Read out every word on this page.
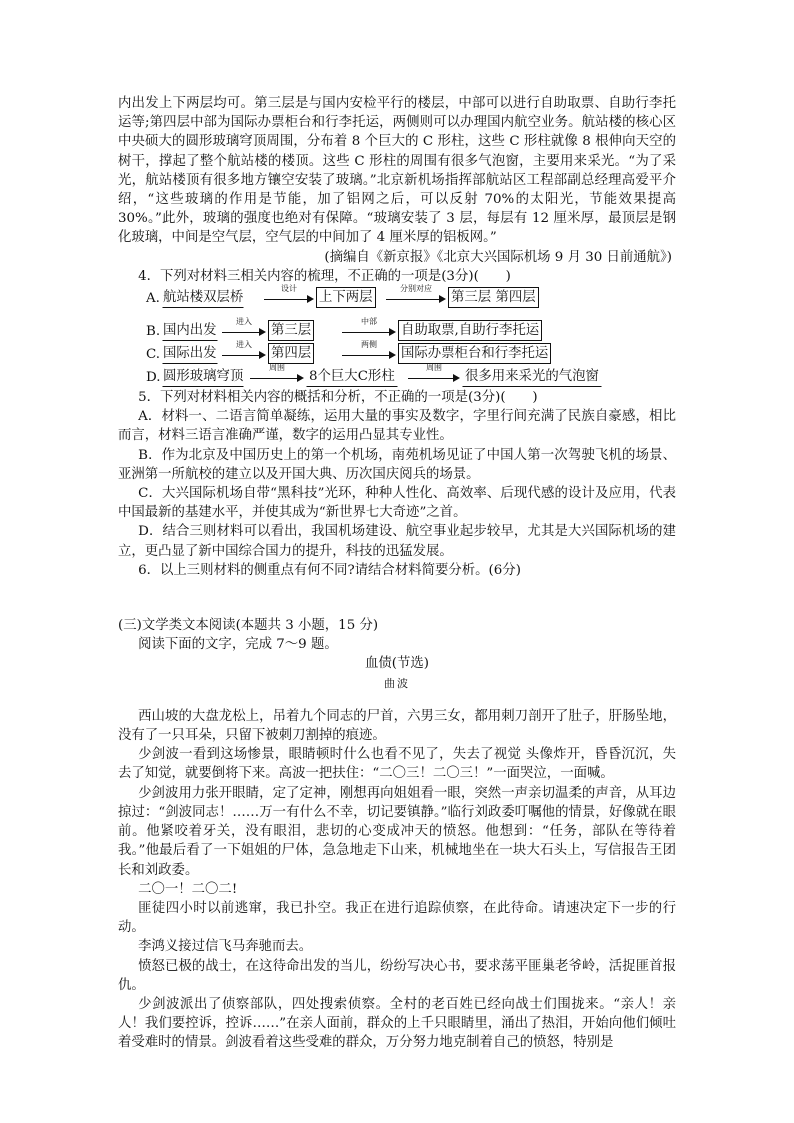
内出发上下两层均可。第三层是与国内安检平行的楼层，中部可以进行自助取票、自助行李托运等;第四层中部为国际办票柜台和行李托运，两侧则可以办理国内航空业务。航站楼的核心区中央硕大的圆形玻璃穹顶周围，分布着 8 个巨大的 C 形柱，这些 C 形柱就像 8 根伸向天空的树干，撑起了整个航站楼的楼顶。这些 C 形柱的周围有很多气泡窗，主要用来采光。“为了采光，航站楼顶有很多地方镶空安装了玻璃。”北京新机场指挥部航站区工程部副总经理高爱平介绍，“这些玻璃的作用是节能，加了铝网之后，可以反射 70%的太阳光，节能效果提高 30%。”此外，玻璃的强度也绝对有保障。“玻璃安装了 3 层，每层有 12 厘米厚，最顶层是钢化玻璃，中间是空气层，空气层的中间加了 4 厘米厚的铝板网。”

(摘编自《新京报》《北京大兴国际机场 9 月 30 日前通航》)

4．下列对材料三相关内容的梳理，不正确的一项是(3分)(　　)

A. 航站楼双层桥
设计
上下两层
分别对应
第三层 第四层
B. 国内出发
进入
第三层
中部
自助取票,自助行李托运
C. 国际出发
进入
第四层
两侧
国际办票柜台和行李托运
D. 圆形玻璃穹顶
周围
8个巨大C形柱
周围
很多用来采光的气泡窗

5．下列对材料相关内容的概括和分析，不正确的一项是(3分)(　　)

A．材料一、二语言简单凝练，运用大量的事实及数字，字里行间充满了民族自豪感，相比而言，材料三语言准确严谨，数字的运用凸显其专业性。

B．作为北京及中国历史上的第一个机场，南苑机场见证了中国人第一次驾驶飞机的场景、亚洲第一所航校的建立以及开国大典、历次国庆阅兵的场景。

C．大兴国际机场自带“黑科技”光环，种种人性化、高效率、后现代感的设计及应用，代表中国最新的基建水平，并使其成为“新世界七大奇迹”之首。

D．结合三则材料可以看出，我国机场建设、航空事业起步较早，尤其是大兴国际机场的建立，更凸显了新中国综合国力的提升，科技的迅猛发展。

6．以上三则材料的侧重点有何不同?请结合材料简要分析。(6分)

(三)文学类文本阅读(本题共 3 小题，15 分)

阅读下面的文字，完成 7～9 题。

血债(节选)

曲波

西山坡的大盘龙松上，吊着九个同志的尸首，六男三女，都用刺刀剖开了肚子，肝肠坠地，没有了一只耳朵，只留下被刺刀割掉的痕迹。

少剑波一看到这场惨景，眼睛顿时什么也看不见了，失去了视觉 头像炸开，昏昏沉沉，失去了知觉，就要倒将下来。高波一把扶住：“二〇三！二〇三！”一面哭泣，一面喊。

少剑波用力张开眼睛，定了定神，刚想再向姐姐看一眼，突然一声亲切温柔的声音，从耳边掠过：“剑波同志！……万一有什么不幸，切记要镇静。”临行刘政委叮嘱他的情景，好像就在眼前。他紧咬着牙关，没有眼泪，悲切的心变成冲天的愤怒。他想到：“任务，部队在等待着我。”他最后看了一下姐姐的尸体，急急地走下山来，机械地坐在一块大石头上，写信报告王团长和刘政委。

二〇一！二〇二!

匪徒四小时以前逃窜，我已扑空。我正在进行追踪侦察，在此待命。请速决定下一步的行动。

李鸿义接过信飞马奔驰而去。

愤怒已极的战士，在这待命出发的当儿，纷纷写决心书，要求荡平匪巢老爷岭，活捉匪首报仇。

少剑波派出了侦察部队，四处搜索侦察。全村的老百姓已经向战士们围拢来。“亲人！亲人！我们要控诉，控诉……”在亲人面前，群众的上千只眼睛里，涌出了热泪，开始向他们倾吐着受难时的情景。剑波看着这些受难的群众，万分努力地克制着自己的愤怒，特别是
